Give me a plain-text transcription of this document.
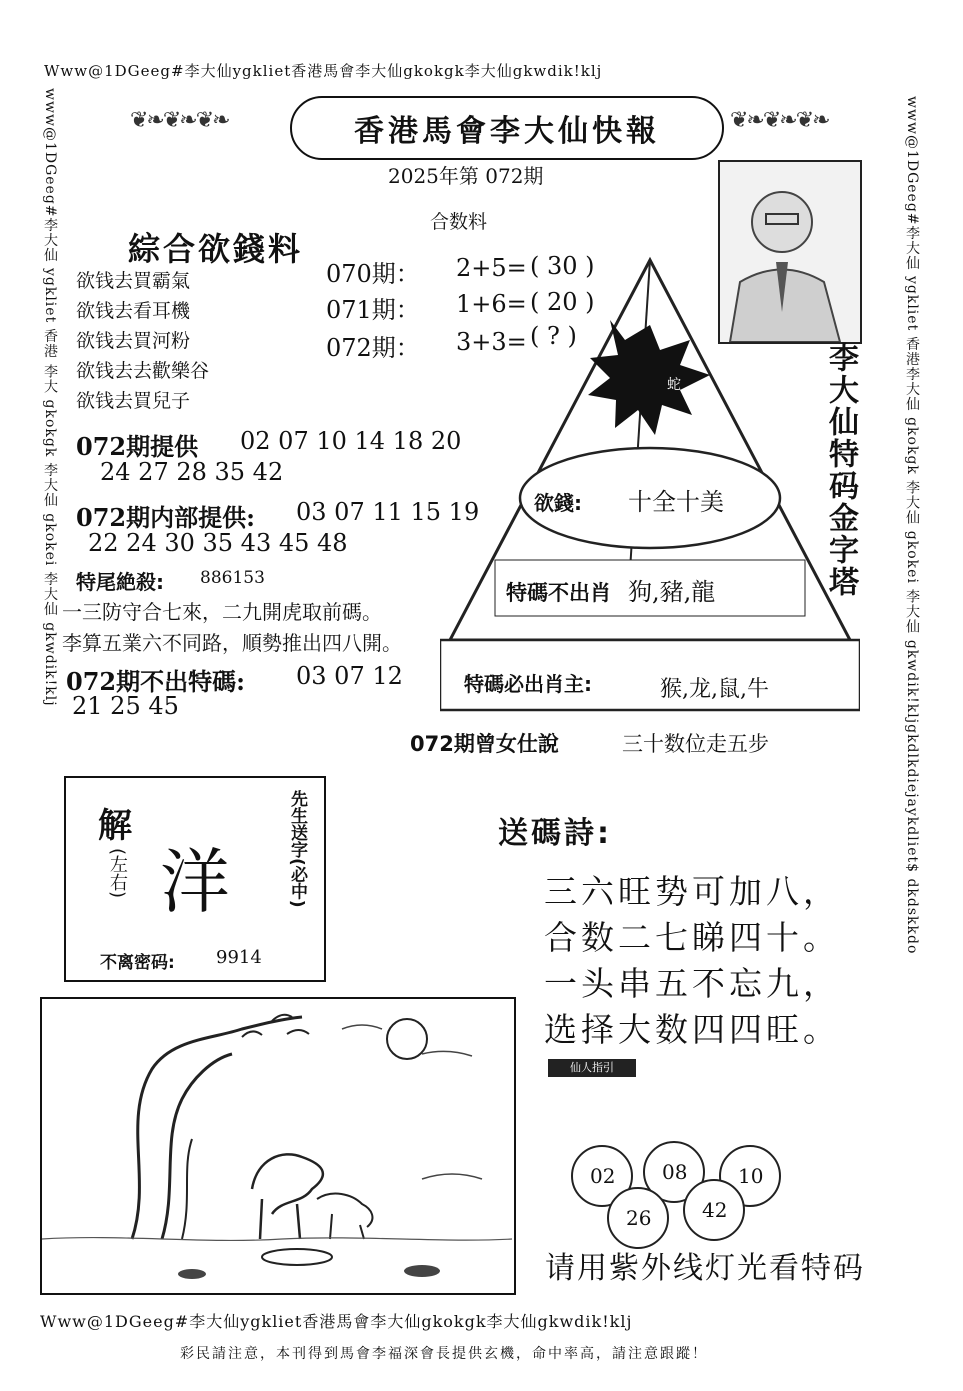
Www@1DGeeg#李大仙ygkliet香港馬會李大仙gkokgk李大仙gkwdik!klj
www@1DGeeg#李大仙 ygkliet 香港 李大 gkokgk 李大仙 gkokei 李大仙 gkwdik!klj	www@1DGeeg#李大仙 ygkliet 香港李大仙 gkokgk 李大仙 gkokei 李大仙 gkwdik!kljgkdlkdiejaykdliet$ dkdskkdo
❦❧❦❧❦❧	❦❧❦❧❦❧
香港馬會李大仙快報
2025年第 072期
合数料
蛇	李大仙特码金字塔
欲錢: 十全十美
特碼不出肖 狗,豬,龍
特碼必出肖主:	猴,龙,鼠,牛
綜合欲錢料
欲钱去買霸氣
欲钱去看耳機
欲钱去買河粉
欲钱去去歡樂谷
欲钱去買兒子
070期： 2+5= ( 30 )
071期： 1+6= ( 20 )
072期： 3+3= ( ? )
072期提供 02 07 10 14 18 20
24 27 28 35 42
072期内部提供: 03 07 11 15 19
22 24 30 35 43 45 48
特尾絶殺: 886153
一三防守合七來，二九開虎取前碼。
李算五業六不同路，順勢推出四八開。
072期不出特碼: 03 07 12
21 25 45
072期曾女仕說	三十数位走五步
解
(左右) 洋	先生送字(必中)
不离密码: 9914
送碼詩:
三六旺势可加八，
合数二七睇四十。
一头串五不忘九，
选择大数四四旺。
仙人指引
02 08	10
26	42
请用紫外线灯光看特码
Www@1DGeeg#李大仙ygkliet香港馬會李大仙gkokgk李大仙gkwdik!klj
彩民請注意，本刊得到馬會李福深會長提供玄機，命中率高，請注意跟蹤！
